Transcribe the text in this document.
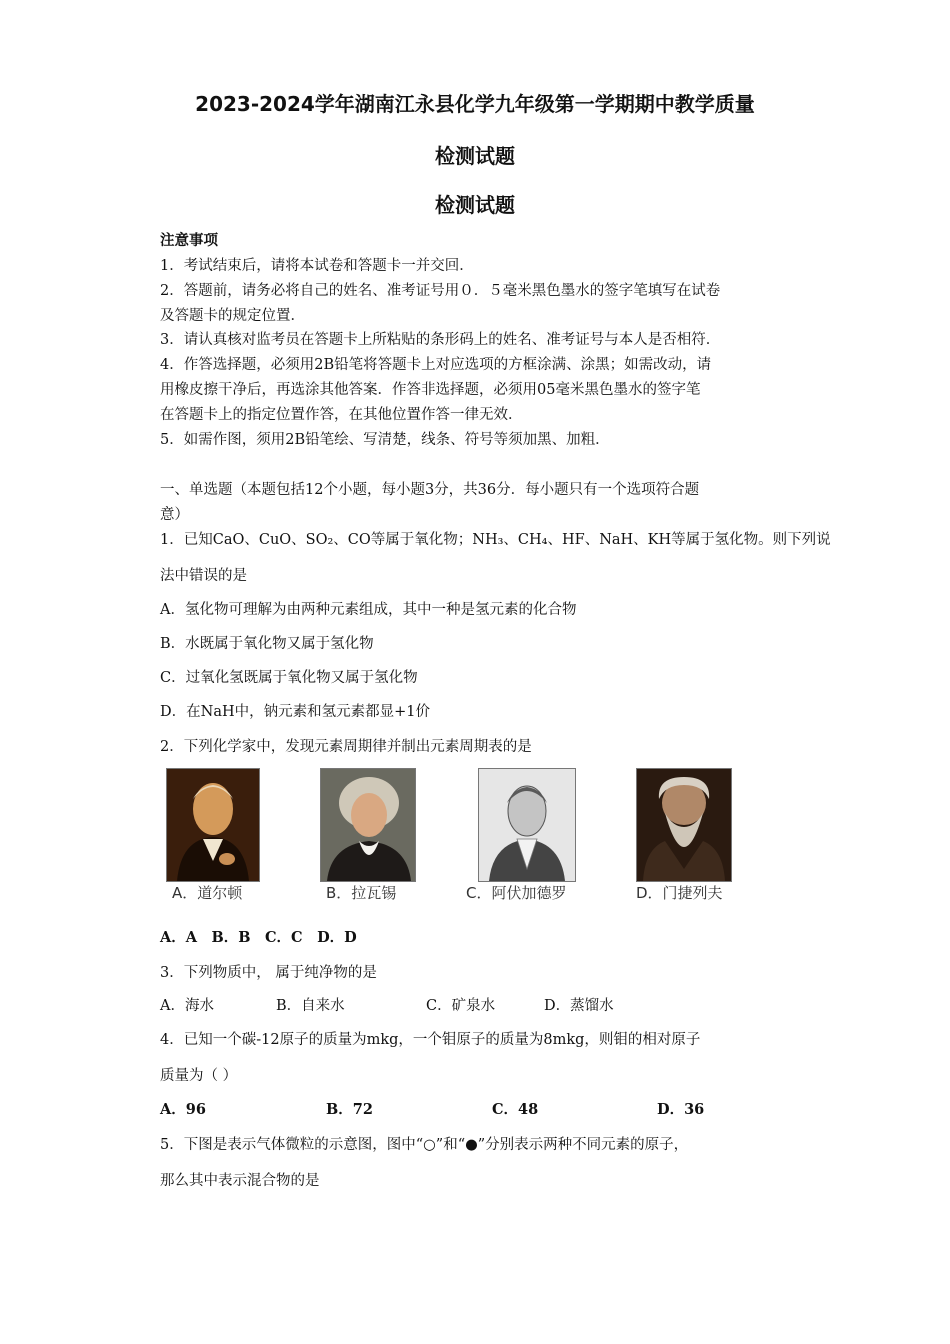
2023-2024学年湖南江永县化学九年级第一学期期中教学质量
检测试题
检测试题
注意事项
1．考试结束后，请将本试卷和答题卡一并交回．
2．答题前，请务必将自己的姓名、准考证号用０．５毫米黑色墨水的签字笔填写在试卷
及答题卡的规定位置．
3．请认真核对监考员在答题卡上所粘贴的条形码上的姓名、准考证号与本人是否相符．
4．作答选择题，必须用2B铅笔将答题卡上对应选项的方框涂满、涂黑；如需改动，请
用橡皮擦干净后，再选涂其他答案．作答非选择题，必须用05毫米黑色墨水的签字笔
在答题卡上的指定位置作答，在其他位置作答一律无效．
5．如需作图，须用2B铅笔绘、写清楚，线条、符号等须加黑、加粗．
一、单选题（本题包括12个小题，每小题3分，共36分．每小题只有一个选项符合题
意）
1．已知CaO、CuO、SO₂、CO等属于氧化物；NH₃、CH₄、HF、NaH、KH等属于氢化物。则下列说
法中错误的是
A．氢化物可理解为由两种元素组成，其中一种是氢元素的化合物
B．水既属于氧化物又属于氢化物
C．过氧化氢既属于氧化物又属于氢化物
D．在NaH中，钠元素和氢元素都显+1价
2．下列化学家中，发现元素周期律并制出元素周期表的是
A．道尔顿	B．拉瓦锡	C．阿伏加德罗	D．门捷列夫
A．A　B．B　C．C　D．D
3．下列物质中， 属于纯净物的是
A．海水	B．自来水	C．矿泉水	D．蒸馏水
4．已知一个碳-12原子的质量为mkg，一个钼原子的质量为8mkg，则钼的相对原子
质量为（ ）
A．96	B．72	C．48	D．36
5．下图是表示气体微粒的示意图，图中“○”和“●”分别表示两种不同元素的原子，
那么其中表示混合物的是
